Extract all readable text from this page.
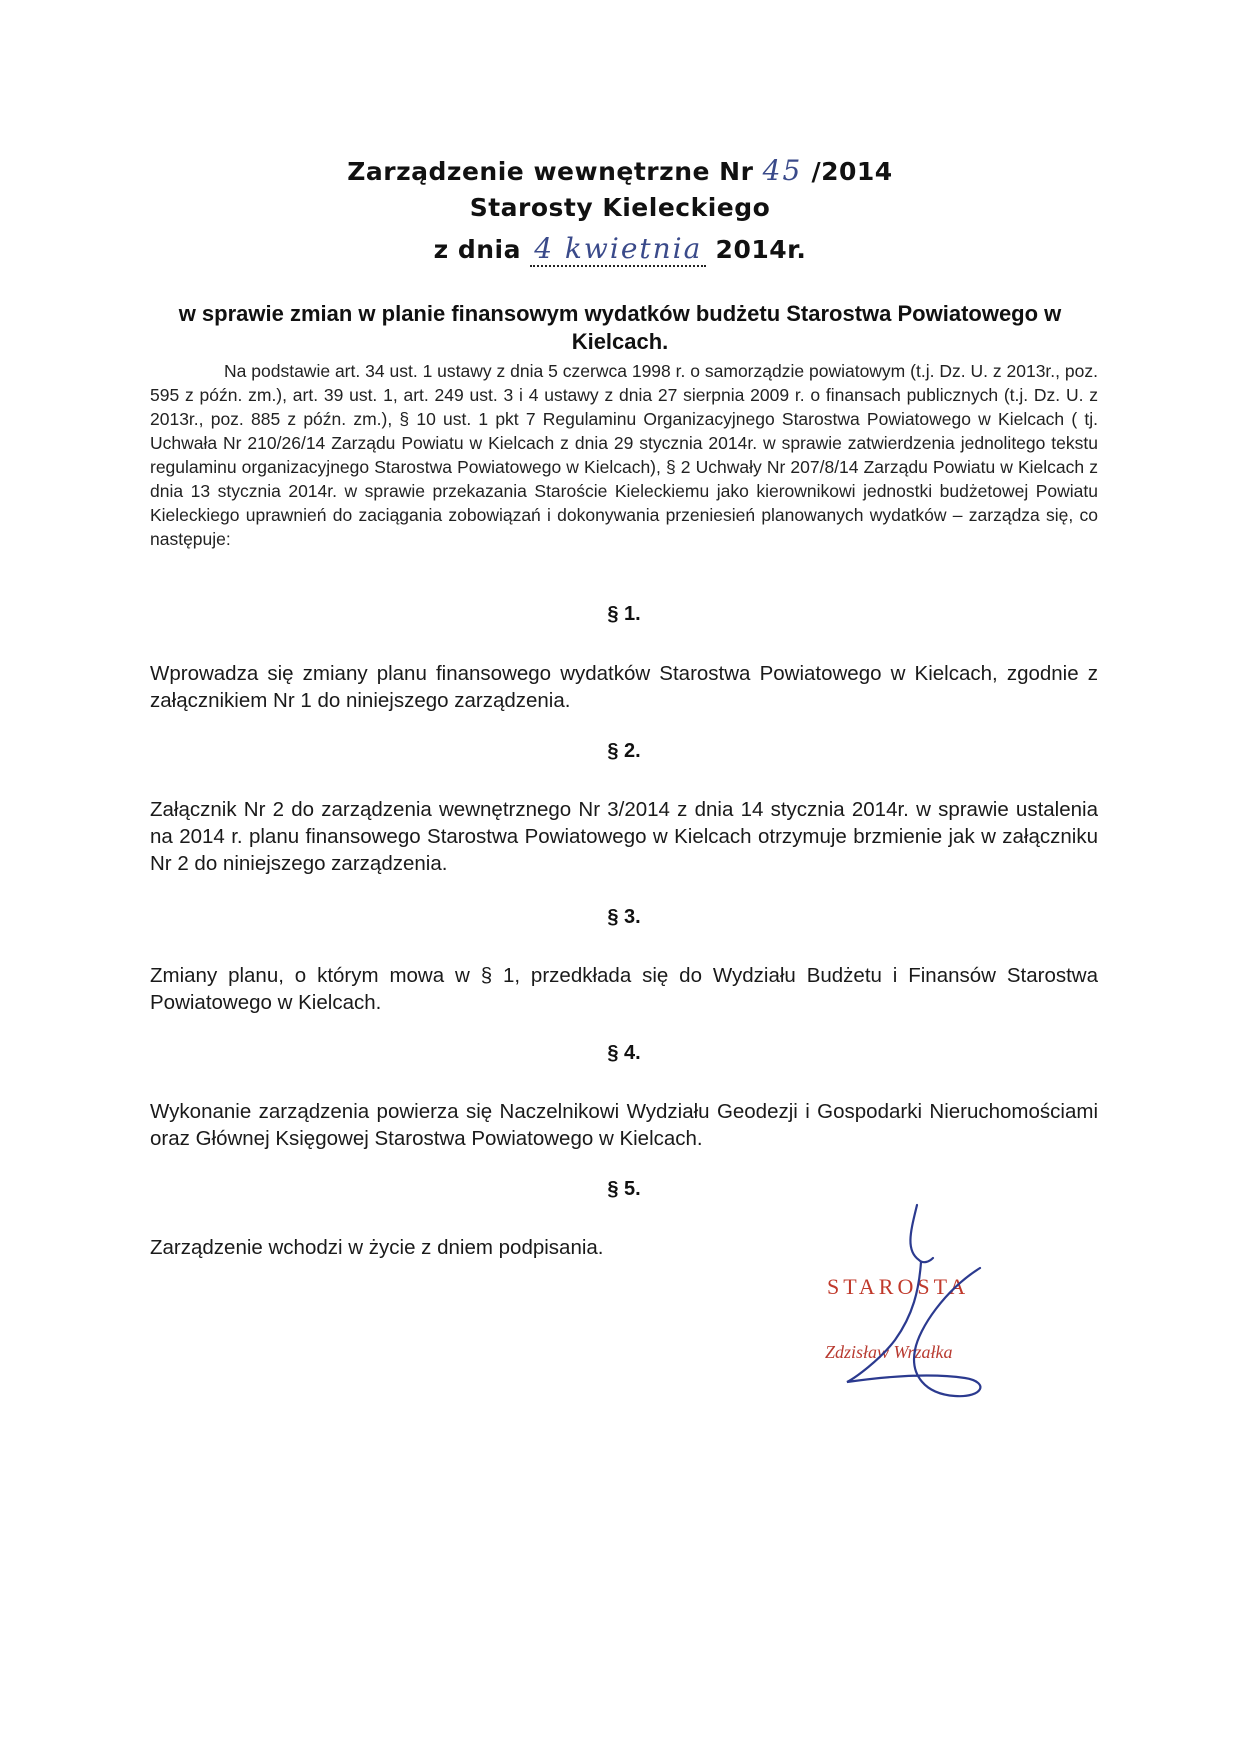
Zarządzenie wewnętrzne Nr 45 /2014
Starosty Kieleckiego
z dnia 4 kwietnia 2014r.
w sprawie zmian w planie finansowym wydatków budżetu Starostwa Powiatowego w Kielcach.
Na podstawie art. 34 ust. 1 ustawy z dnia 5 czerwca 1998 r. o samorządzie powiatowym (t.j. Dz. U. z 2013r., poz. 595 z późn. zm.), art. 39 ust. 1, art. 249 ust. 3 i 4 ustawy z dnia 27 sierpnia 2009 r. o finansach publicznych (t.j. Dz. U. z 2013r., poz. 885 z późn. zm.), § 10 ust. 1 pkt 7 Regulaminu Organizacyjnego Starostwa Powiatowego w Kielcach ( tj. Uchwała Nr 210/26/14 Zarządu Powiatu w Kielcach z dnia 29 stycznia 2014r. w sprawie zatwierdzenia jednolitego tekstu regulaminu organizacyjnego Starostwa Powiatowego w Kielcach), § 2 Uchwały Nr 207/8/14 Zarządu Powiatu w Kielcach z dnia 13 stycznia 2014r. w sprawie przekazania Staroście Kieleckiemu jako kierownikowi jednostki budżetowej Powiatu Kieleckiego uprawnień do zaciągania zobowiązań i dokonywania przeniesień planowanych wydatków – zarządza się, co następuje:
§ 1.
Wprowadza się zmiany planu finansowego wydatków Starostwa Powiatowego w Kielcach, zgodnie z załącznikiem Nr 1 do niniejszego zarządzenia.
§ 2.
Załącznik Nr 2 do zarządzenia wewnętrznego Nr 3/2014 z dnia 14 stycznia 2014r. w sprawie ustalenia na 2014 r. planu finansowego Starostwa Powiatowego w Kielcach otrzymuje brzmienie jak w załączniku Nr 2 do niniejszego zarządzenia.
§ 3.
Zmiany planu, o którym mowa w § 1, przedkłada się do Wydziału Budżetu i Finansów Starostwa Powiatowego w Kielcach.
§ 4.
Wykonanie zarządzenia powierza się Naczelnikowi Wydziału Geodezji i Gospodarki Nieruchomościami oraz Głównej Księgowej Starostwa Powiatowego w Kielcach.
§ 5.
Zarządzenie wchodzi w życie z dniem podpisania.
STAROSTA
Zdzisław Wrzałka
